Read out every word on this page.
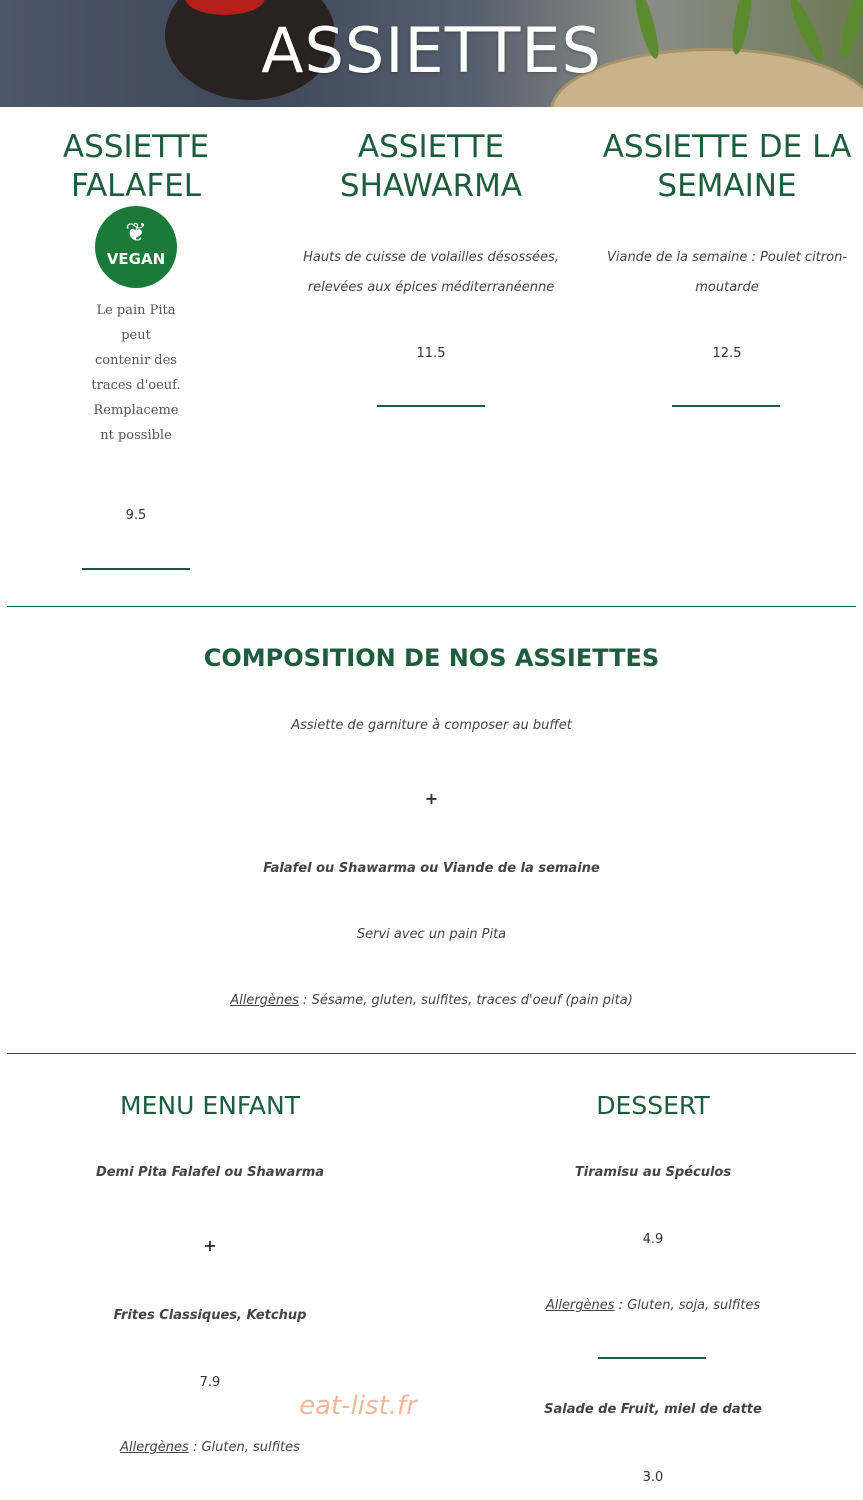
ASSIETTES
ASSIETTE FALAFEL
❦
VEGAN
Le pain Pita
peut
contenir des
traces d'oeuf.
Remplaceme
nt possible
9.5
ASSIETTE
SHAWARMA
Hauts de cuisse de volailles désossées,
relevées aux épices méditerranéenne
11.5
ASSIETTE DE LA
SEMAINE
Viande de la semaine : Poulet citron-
moutarde
12.5
COMPOSITION DE NOS ASSIETTES
Assiette de garniture à composer au buffet
+
Falafel ou Shawarma ou Viande de la semaine
Servi avec un pain Pita
Allergènes : Sésame, gluten, sulfites, traces d'oeuf (pain pita)
MENU ENFANT
Demi Pita Falafel ou Shawarma
+
Frites Classiques, Ketchup
7.9
Allergènes : Gluten, sulfites
DESSERT
Tiramisu au Spéculos
4.9
Allergènes : Gluten, soja, sulfites
Salade de Fruit, miel de datte
3.0
eat-list.fr
